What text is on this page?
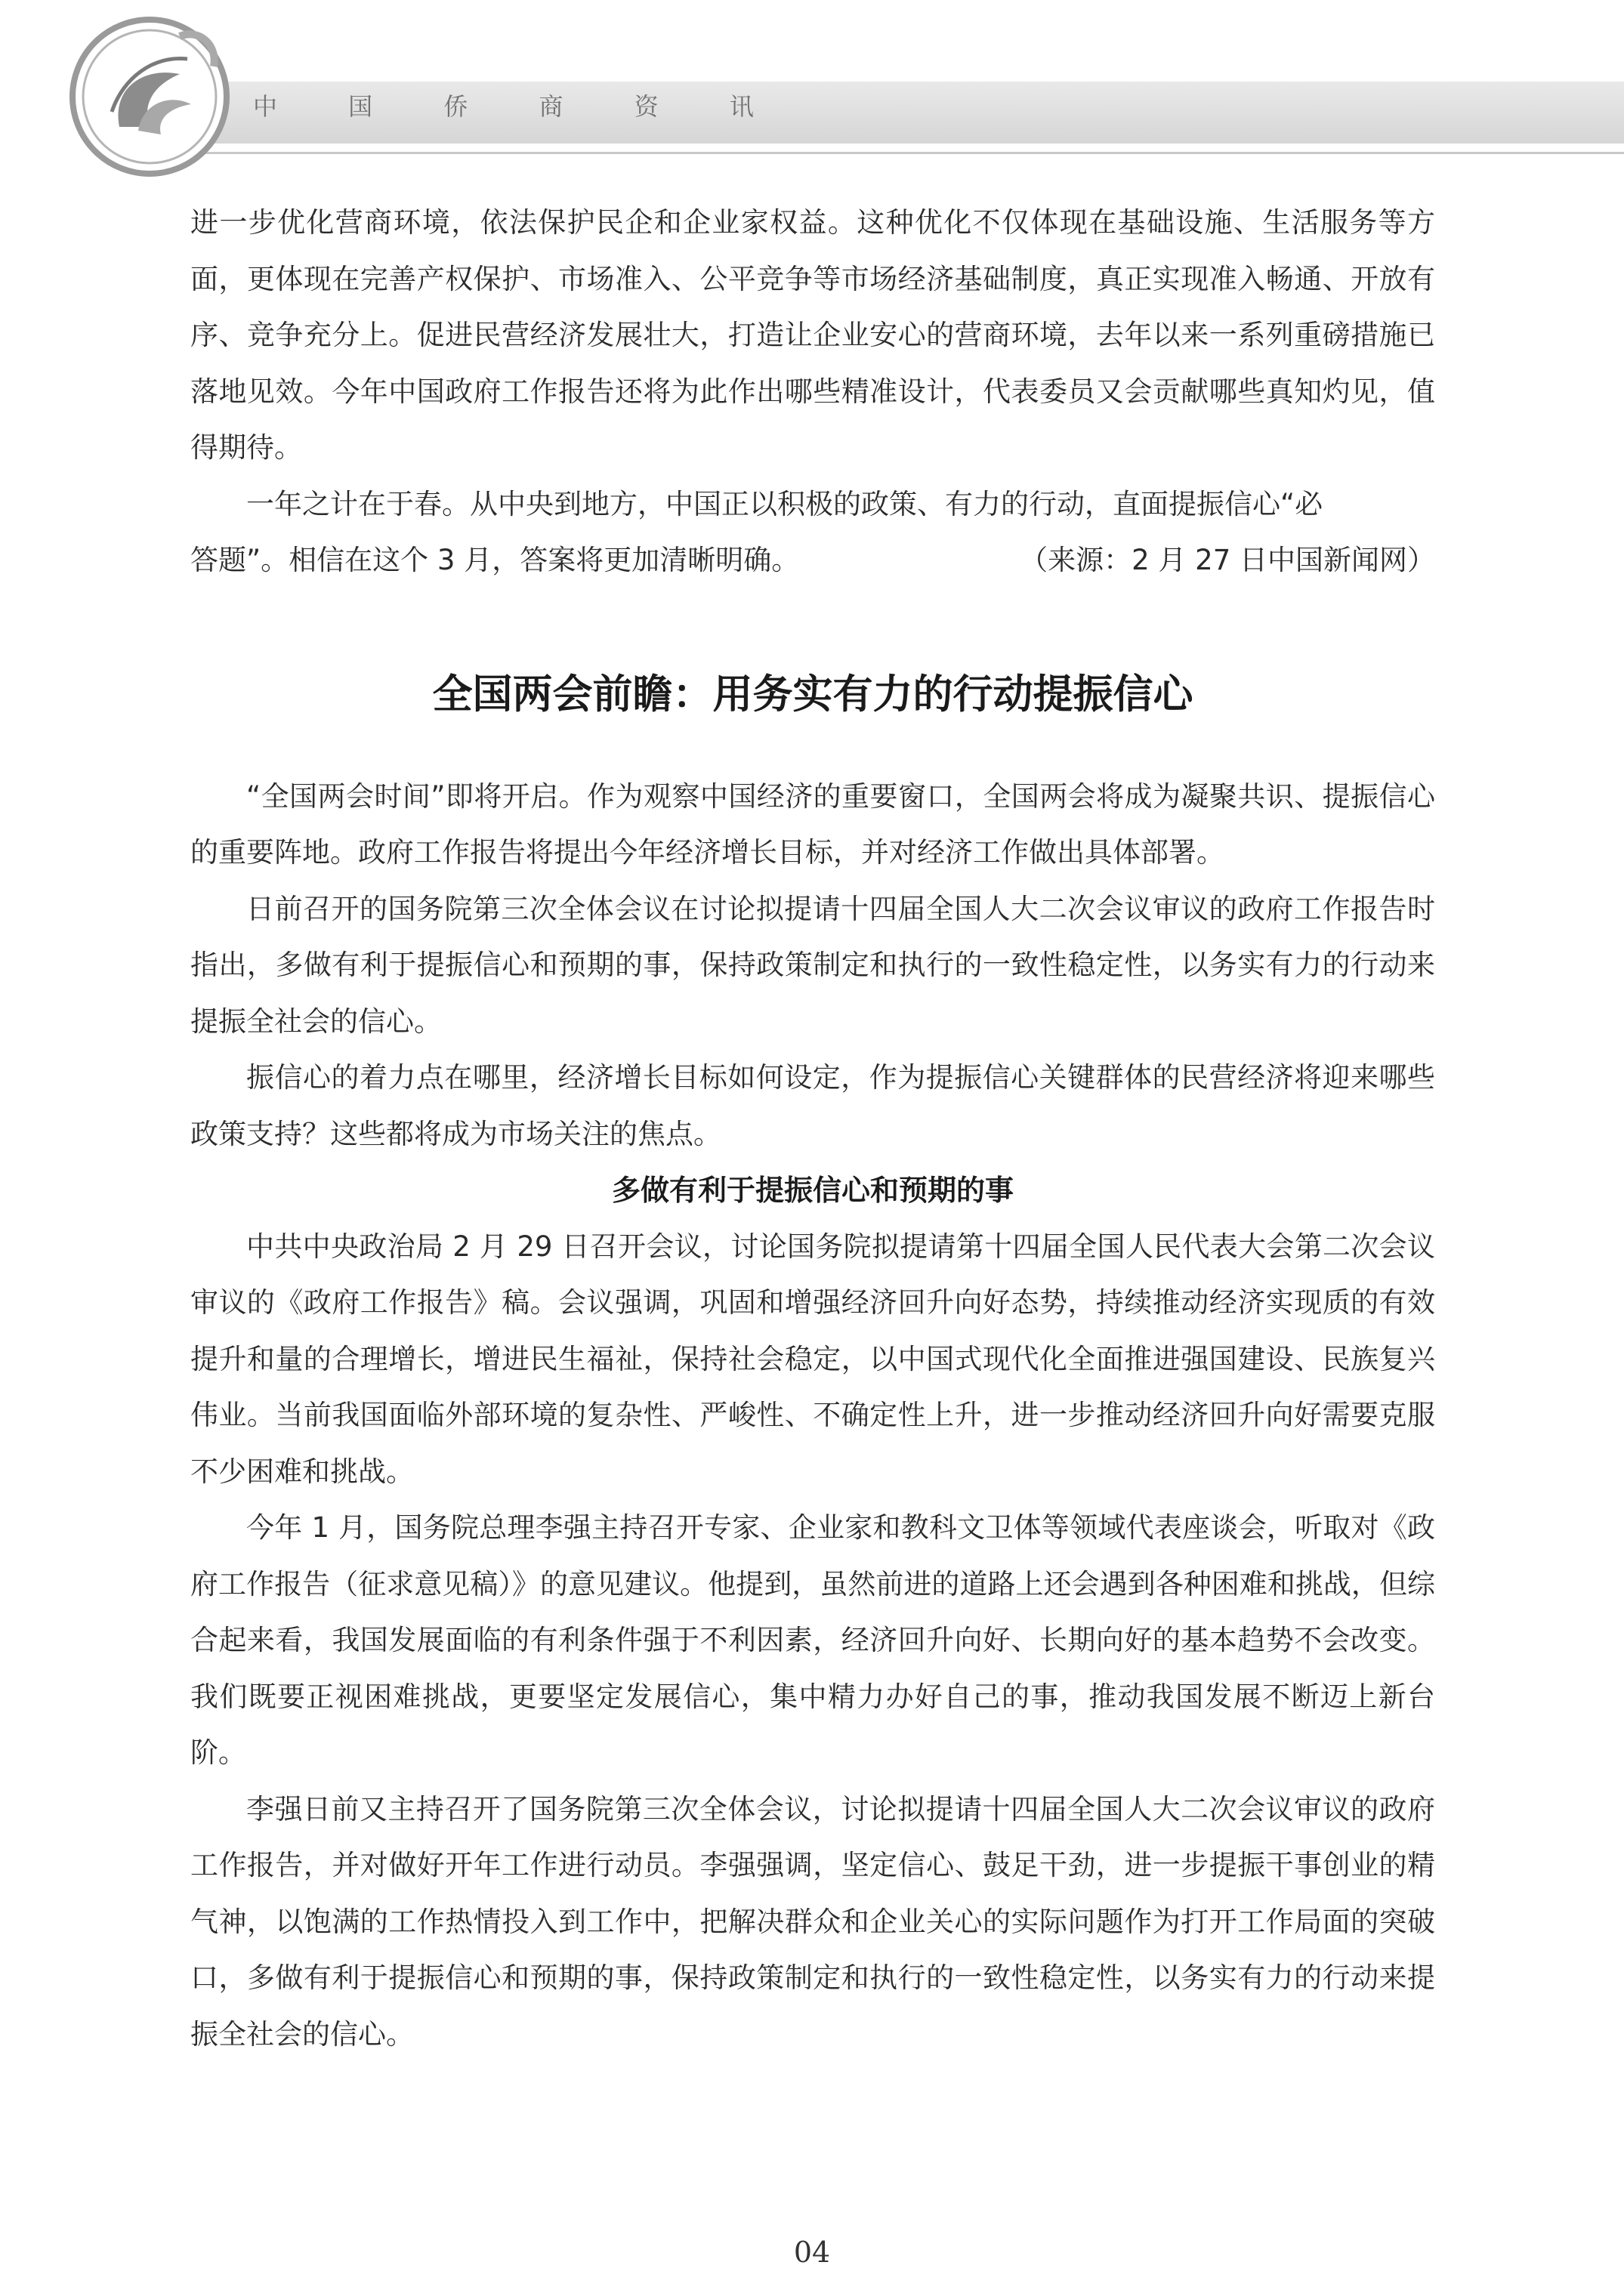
中 国 侨 商 资 讯

进一步优化营商环境，依法保护民企和企业家权益。这种优化不仅体现在基础设施、生活服务等方面，更体现在完善产权保护、市场准入、公平竞争等市场经济基础制度，真正实现准入畅通、开放有序、竞争充分上。促进民营经济发展壮大，打造让企业安心的营商环境，去年以来一系列重磅措施已落地见效。今年中国政府工作报告还将为此作出哪些精准设计，代表委员又会贡献哪些真知灼见，值得期待。

一年之计在于春。从中央到地方，中国正以积极的政策、有力的行动，直面提振信心“必

答题”。相信在这个 3 月，答案将更加清晰明确。	（来源：2 月 27 日中国新闻网）
全国两会前瞻：用务实有力的行动提振信心

“全国两会时间”即将开启。作为观察中国经济的重要窗口，全国两会将成为凝聚共识、提振信心的重要阵地。政府工作报告将提出今年经济增长目标，并对经济工作做出具体部署。

日前召开的国务院第三次全体会议在讨论拟提请十四届全国人大二次会议审议的政府工作报告时指出，多做有利于提振信心和预期的事，保持政策制定和执行的一致性稳定性，以务实有力的行动来提振全社会的信心。

振信心的着力点在哪里，经济增长目标如何设定，作为提振信心关键群体的民营经济将迎来哪些政策支持？这些都将成为市场关注的焦点。

多做有利于提振信心和预期的事

中共中央政治局 2 月 29 日召开会议，讨论国务院拟提请第十四届全国人民代表大会第二次会议审议的《政府工作报告》稿。会议强调，巩固和增强经济回升向好态势，持续推动经济实现质的有效提升和量的合理增长，增进民生福祉，保持社会稳定，以中国式现代化全面推进强国建设、民族复兴伟业。当前我国面临外部环境的复杂性、严峻性、不确定性上升，进一步推动经济回升向好需要克服不少困难和挑战。

今年 1 月，国务院总理李强主持召开专家、企业家和教科文卫体等领域代表座谈会，听取对《政府工作报告（征求意见稿）》的意见建议。他提到，虽然前进的道路上还会遇到各种困难和挑战，但综合起来看，我国发展面临的有利条件强于不利因素，经济回升向好、长期向好的基本趋势不会改变。我们既要正视困难挑战，更要坚定发展信心，集中精力办好自己的事，推动我国发展不断迈上新台阶。

李强日前又主持召开了国务院第三次全体会议，讨论拟提请十四届全国人大二次会议审议的政府工作报告，并对做好开年工作进行动员。李强强调，坚定信心、鼓足干劲，进一步提振干事创业的精气神，以饱满的工作热情投入到工作中，把解决群众和企业关心的实际问题作为打开工作局面的突破口，多做有利于提振信心和预期的事，保持政策制定和执行的一致性稳定性，以务实有力的行动来提振全社会的信心。

04
